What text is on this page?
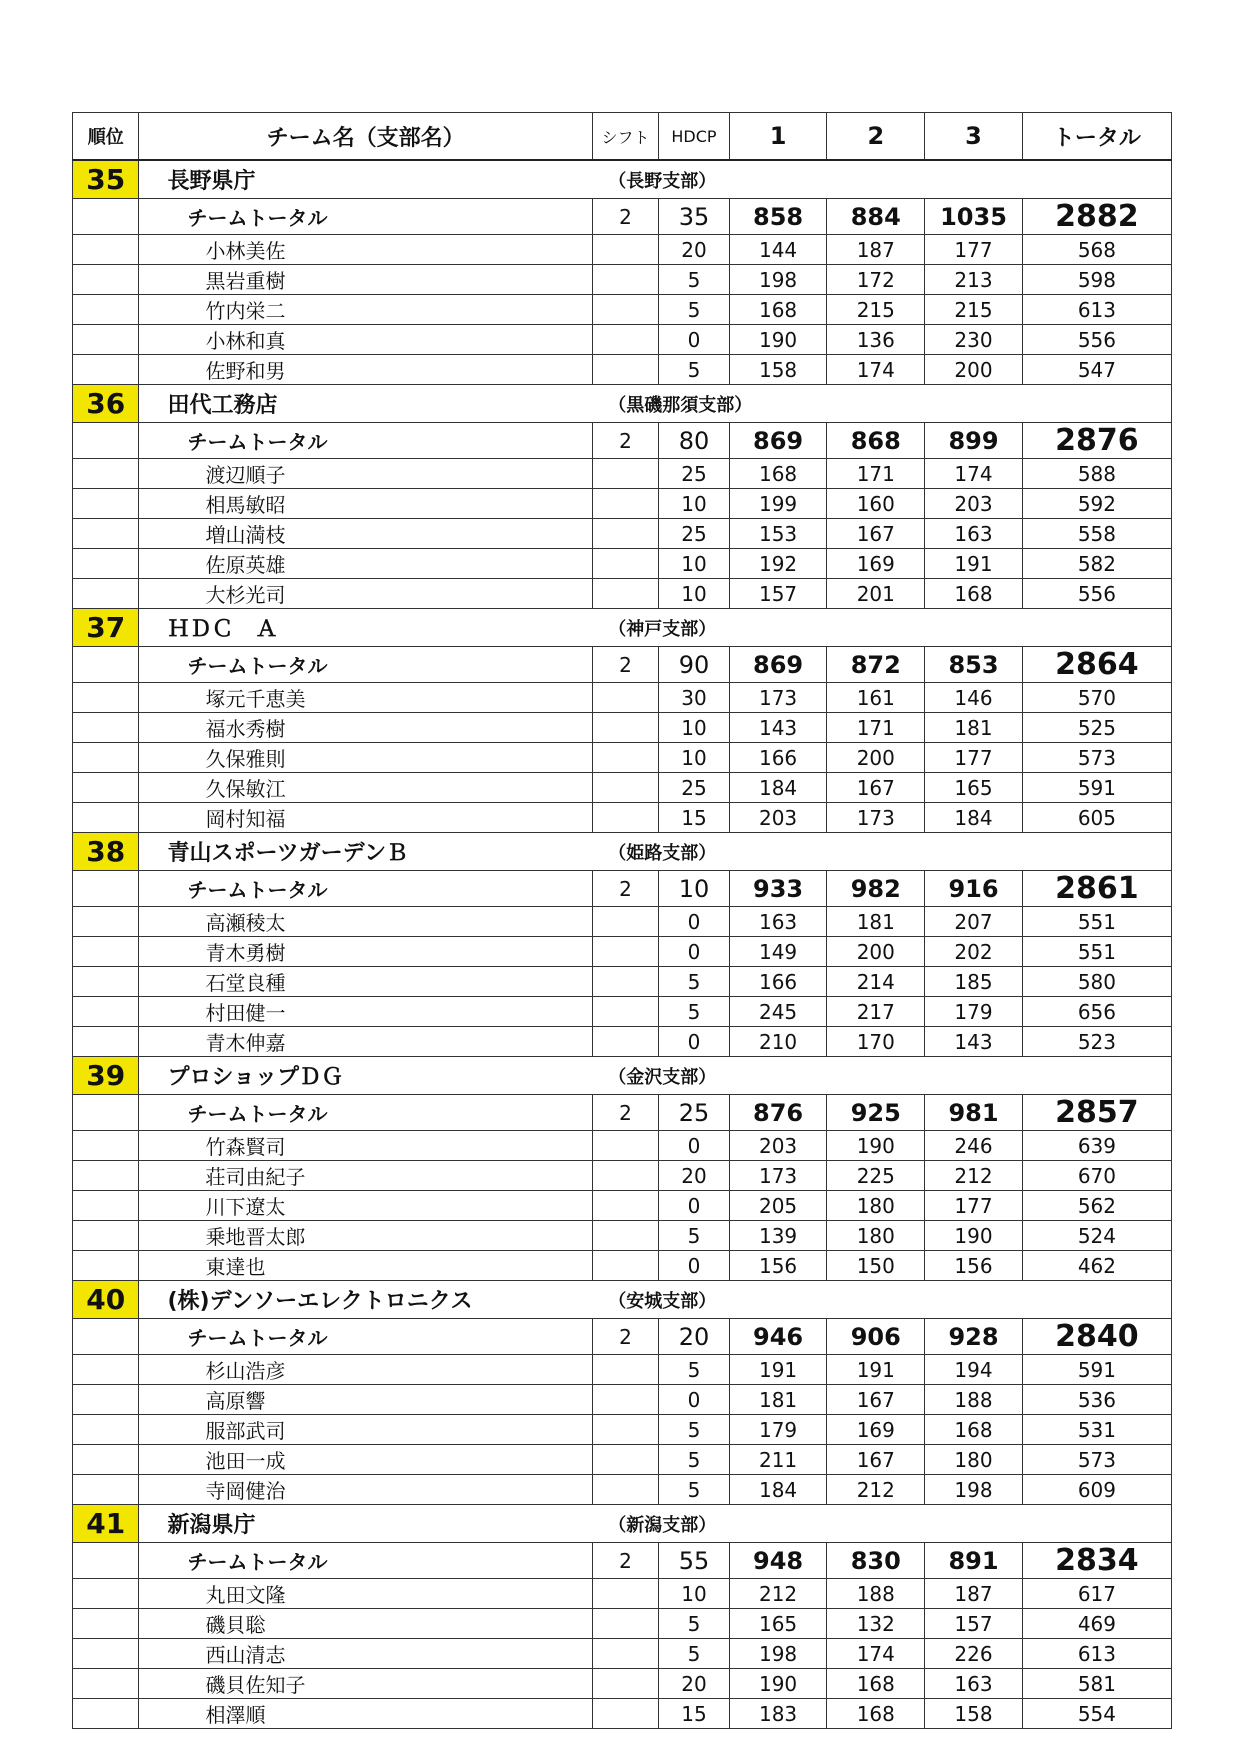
順位	チーム名（支部名）	シフト	HDCP	1	2	3	トータル
35	長野県庁	（長野支部）					
	チームトータル	2	35	858	884	1035	2882
	小林美佐		20	144	187	177	568
	黒岩重樹		5	198	172	213	598
	竹内栄二		5	168	215	215	613
	小林和真		0	190	136	230	556
	佐野和男		5	158	174	200	547
36	田代工務店	（黒磯那須支部）					
	チームトータル	2	80	869	868	899	2876
	渡辺順子		25	168	171	174	588
	相馬敏昭		10	199	160	203	592
	増山満枝		25	153	167	163	558
	佐原英雄		10	192	169	191	582
	大杉光司		10	157	201	168	556
37	ＨＤＣ　Ａ	（神戸支部）					
	チームトータル	2	90	869	872	853	2864
	塚元千恵美		30	173	161	146	570
	福水秀樹		10	143	171	181	525
	久保雅則		10	166	200	177	573
	久保敏江		25	184	167	165	591
	岡村知福		15	203	173	184	605
38	青山スポーツガーデンＢ	（姫路支部）					
	チームトータル	2	10	933	982	916	2861
	高瀬稜太		0	163	181	207	551
	青木勇樹		0	149	200	202	551
	石堂良種		5	166	214	185	580
	村田健一		5	245	217	179	656
	青木伸嘉		0	210	170	143	523
39	プロショップＤＧ	（金沢支部）					
	チームトータル	2	25	876	925	981	2857
	竹森賢司		0	203	190	246	639
	荘司由紀子		20	173	225	212	670
	川下遼太		0	205	180	177	562
	乗地晋太郎		5	139	180	190	524
	東達也		0	156	150	156	462
40	(株)デンソーエレクトロニクス	（安城支部）					
	チームトータル	2	20	946	906	928	2840
	杉山浩彦		5	191	191	194	591
	高原響		0	181	167	188	536
	服部武司		5	179	169	168	531
	池田一成		5	211	167	180	573
	寺岡健治		5	184	212	198	609
41	新潟県庁	（新潟支部）					
	チームトータル	2	55	948	830	891	2834
	丸田文隆		10	212	188	187	617
	磯貝聡		5	165	132	157	469
	西山清志		5	198	174	226	613
	磯貝佐知子		20	190	168	163	581
	相澤順		15	183	168	158	554
